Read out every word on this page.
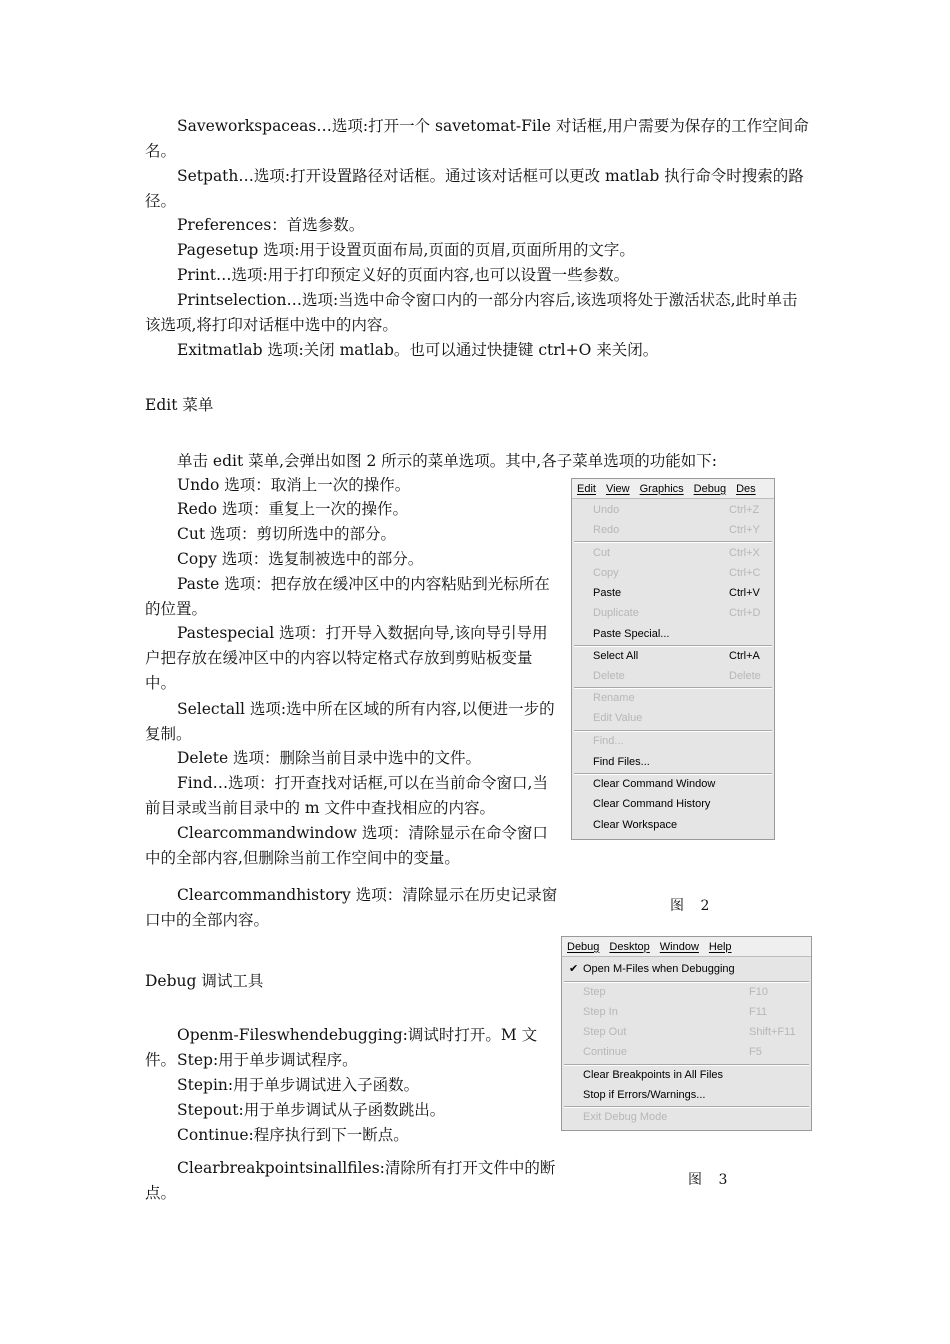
Saveworkspaceas…选项:打开一个 savetomat-File 对话框,用户需要为保存的工作空间命名。

Setpath…选项:打开设置路径对话框。通过该对话框可以更改 matlab 执行命令时搜索的路径。

Preferences：首选参数。

Pagesetup 选项:用于设置页面布局,页面的页眉,页面所用的文字。

Print…选项:用于打印预定义好的页面内容,也可以设置一些参数。

Printselection…选项:当选中命令窗口内的一部分内容后,该选项将处于激活状态,此时单击该选项,将打印对话框中选中的内容。

Exitmatlab 选项:关闭 matlab。也可以通过快捷键 ctrl+O 来关闭。

Edit 菜单

单击 edit 菜单,会弹出如图 2 所示的菜单选项。其中,各子菜单选项的功能如下:

Undo 选项：取消上一次的操作。

Redo 选项：重复上一次的操作。

Cut 选项：剪切所选中的部分。

Copy 选项：选复制被选中的部分。

Paste 选项：把存放在缓冲区中的内容粘贴到光标所在的位置。

Pastespecial 选项：打开导入数据向导,该向导引导用户把存放在缓冲区中的内容以特定格式存放到剪贴板变量中。

Selectall 选项:选中所在区域的所有内容,以便进一步的复制。

Delete 选项：删除当前目录中选中的文件。

Find…选项：打开查找对话框,可以在当前命令窗口,当前目录或当前目录中的 m 文件中查找相应的内容。

Clearcommandwindow 选项：清除显示在命令窗口中的全部内容,但删除当前工作空间中的变量。

Clearcommandhistory 选项：清除显示在历史记录窗口中的全部内容。

Edit View Graphics Debug Des
Undo	Ctrl+Z
Redo	Ctrl+Y
Cut	Ctrl+X
Copy	Ctrl+C
Paste	Ctrl+V
Duplicate	Ctrl+D
Paste Special...
Select All	Ctrl+A
Delete	Delete
Rename
Edit Value
Find...
Find Files...
Clear Command Window
Clear Command History
Clear Workspace
图 2

Debug 调试工具

Openm-Fileswhendebugging:调试时打开。M 文件。 Step:用于单步调试程序。

Stepin:用于单步调试进入子函数。

Stepout:用于单步调试从子函数跳出。

Continue:程序执行到下一断点。

Clearbreakpointsinallfiles:清除所有打开文件中的断点。

Debug Desktop Window Help
✔ Open M-Files when Debugging
Step	F10
Step In	F11
Step Out	Shift+F11
Continue	F5
Clear Breakpoints in All Files
Stop if Errors/Warnings...
Exit Debug Mode
图 3
